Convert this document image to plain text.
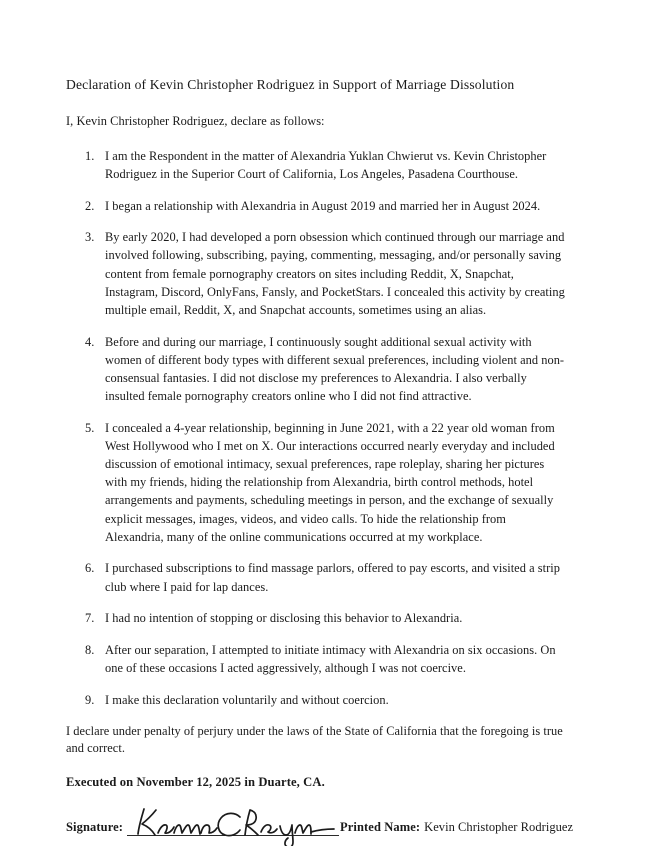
Declaration of Kevin Christopher Rodriguez in Support of Marriage Dissolution

I, Kevin Christopher Rodriguez, declare as follows:

I am the Respondent in the matter of Alexandria Yuklan Chwierut vs. Kevin Christopher Rodriguez in the Superior Court of California, Los Angeles, Pasadena Courthouse.
I began a relationship with Alexandria in August 2019 and married her in August 2024.
By early 2020, I had developed a porn obsession which continued through our marriage and involved following, subscribing, paying, commenting, messaging, and/or personally saving content from female pornography creators on sites including Reddit, X, Snapchat, Instagram, Discord, OnlyFans, Fansly, and PocketStars. I concealed this activity by creating multiple email, Reddit, X, and Snapchat accounts, sometimes using an alias.
Before and during our marriage, I continuously sought additional sexual activity with women of different body types with different sexual preferences, including violent and non-consensual fantasies. I did not disclose my preferences to Alexandria. I also verbally insulted female pornography creators online who I did not find attractive.
I concealed a 4-year relationship, beginning in June 2021, with a 22 year old woman from West Hollywood who I met on X. Our interactions occurred nearly everyday and included discussion of emotional intimacy, sexual preferences, rape roleplay, sharing her pictures with my friends, hiding the relationship from Alexandria, birth control methods, hotel arrangements and payments, scheduling meetings in person, and the exchange of sexually explicit messages, images, videos, and video calls. To hide the relationship from Alexandria, many of the online communications occurred at my workplace.
I purchased subscriptions to find massage parlors, offered to pay escorts, and visited a strip club where I paid for lap dances.
I had no intention of stopping or disclosing this behavior to Alexandria.
After our separation, I attempted to initiate intimacy with Alexandria on six occasions. On one of these occasions I acted aggressively, although I was not coercive.
I make this declaration voluntarily and without coercion.

I declare under penalty of perjury under the laws of the State of California that the foregoing is true and correct.

Executed on November 12, 2025 in Duarte, CA.

Signature:	Printed Name: Kevin Christopher Rodriguez
